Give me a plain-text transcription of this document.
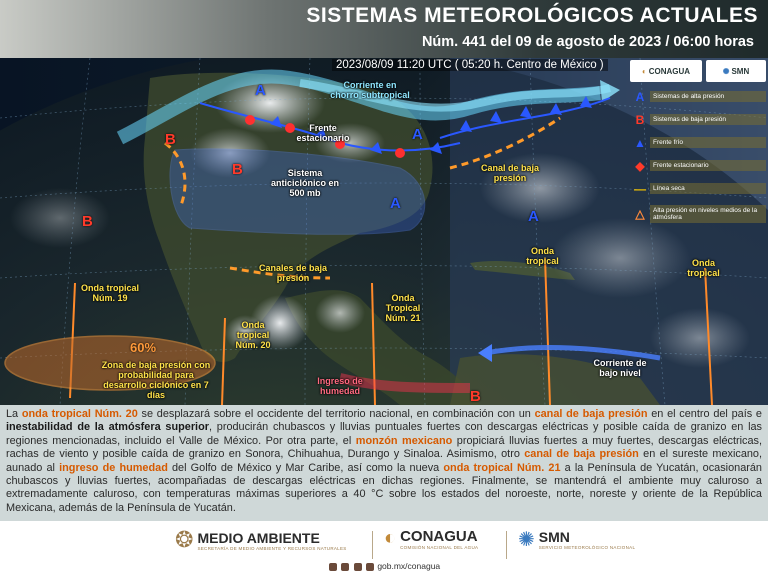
SISTEMAS METEOROLÓGICOS ACTUALES
Núm. 441 del 09 de agosto de 2023 / 06:00 horas
2023/08/09 11:20 UTC ( 05:20 h. Centro de México )
Corriente en chorro subtropical
Frente estacionario
Sistema anticiclónico en 500 mb
Canal de baja presión
Canales de baja presión
Onda tropical Núm. 19
Onda tropical Núm. 20
Onda Tropical Núm. 21
Onda tropical	Onda tropical
Zona de baja presión con probabilidad para desarrollo ciclónico en 7 días
Corriente de bajo nivel
Ingreso de humedad
60%
A
A
A
A
B
B
B
B
◐ CONAGUA	✺ SMN
A	Sistemas de alta presión
B	Sistemas de baja presión
▲	Frente frío
◆	Frente estacionario
—	Línea seca
△	Alta presión en niveles medios de la atmósfera
La onda tropical Núm. 20 se desplazará sobre el occidente del territorio nacional, en combinación con un canal de baja presión en el centro del país e inestabilidad de la atmósfera superior, producirán chubascos y lluvias puntuales fuertes con descargas eléctricas y posible caída de granizo en las regiones mencionadas, incluido el Valle de México. Por otra parte, el monzón mexicano propiciará lluvias fuertes a muy fuertes, descargas eléctricas, rachas de viento y posible caída de granizo en Sonora, Chihuahua, Durango y Sinaloa. Asimismo, otro canal de baja presión en el sureste mexicano, aunado al ingreso de humedad del Golfo de México y Mar Caribe, así como la nueva onda tropical Núm. 21 a la Península de Yucatán, ocasionarán chubascos y lluvias fuertes, acompañadas de descargas eléctricas en dichas regiones. Finalmente, se mantendrá el ambiente muy caluroso a extremadamente caluroso, con temperaturas máximas superiores a 40 °C sobre los estados del noroeste, norte, noreste y oriente de la República Mexicana, además de la Península de Yucatán.
❂ MEDIO AMBIENTE
SECRETARÍA DE MEDIO AMBIENTE Y RECURSOS NATURALES ◐ CONAGUA
COMISIÓN NACIONAL DEL AGUA ✺ SMN
SERVICIO METEOROLÓGICO NACIONAL
gob.mx/conagua
